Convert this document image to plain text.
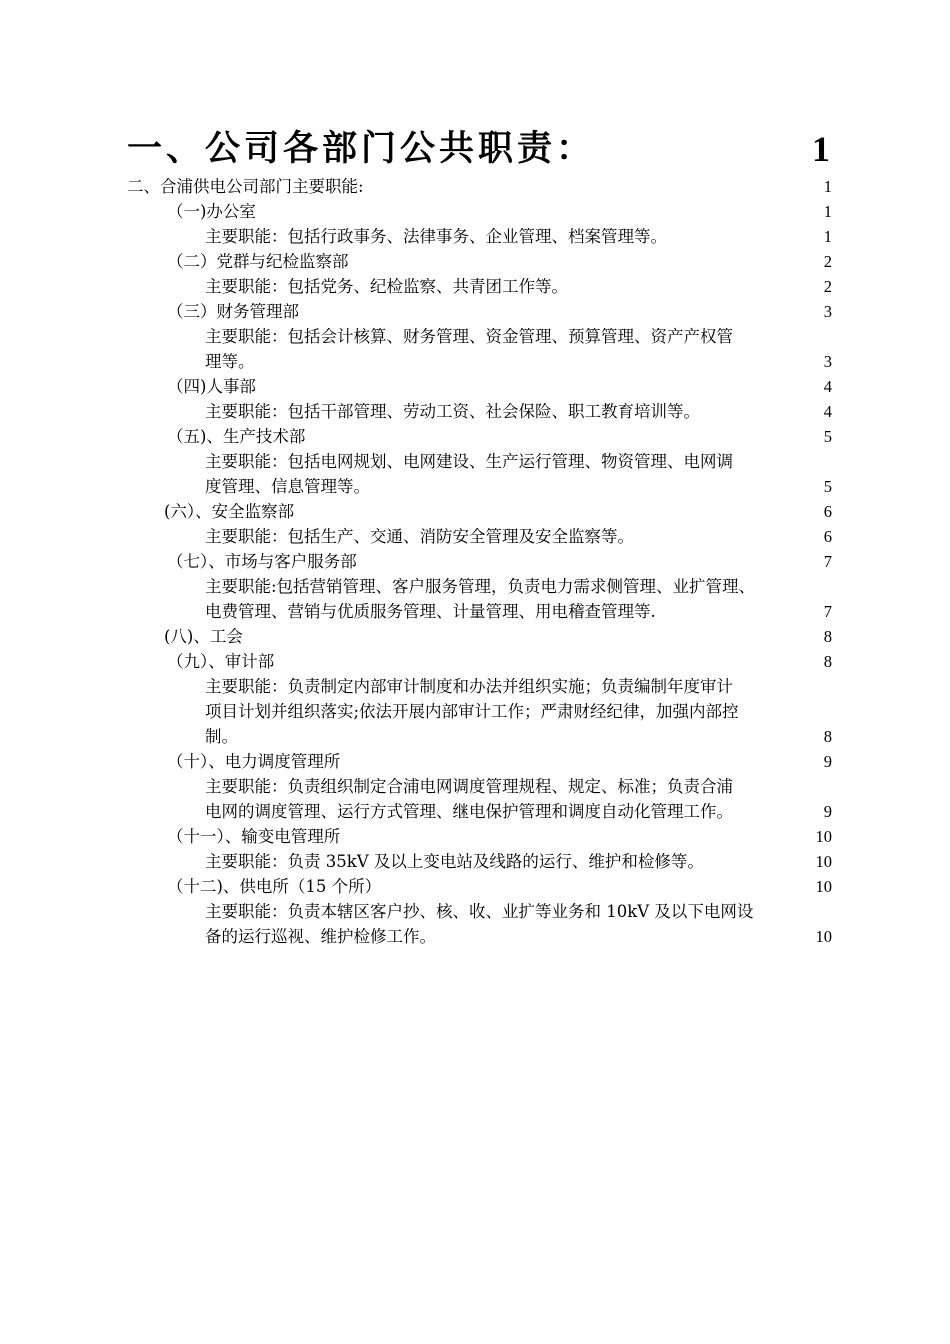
一、公司各部门公共职责：	1
二、合浦供电公司部门主要职能:	1
（一)办公室	1
主要职能：包括行政事务、法律事务、企业管理、档案管理等。	1
（二）党群与纪检监察部	2
主要职能：包括党务、纪检监察、共青团工作等。	2
（三）财务管理部	3
主要职能：包括会计核算、财务管理、资金管理、预算管理、资产产权管
理等。	3
（四)人事部	4
主要职能：包括干部管理、劳动工资、社会保险、职工教育培训等。	4
（五)、生产技术部	5
主要职能：包括电网规划、电网建设、生产运行管理、物资管理、电网调
度管理、信息管理等。	5
(六）、安全监察部	6
主要职能：包括生产、交通、消防安全管理及安全监察等。	6
（七）、市场与客户服务部	7
主要职能:包括营销管理、客户服务管理，负责电力需求侧管理、业扩管理、
电费管理、营销与优质服务管理、计量管理、用电稽查管理等.	7
(八)、工会	8
（九）、审计部	8
主要职能：负责制定内部审计制度和办法并组织实施；负责编制年度审计
项目计划并组织落实;依法开展内部审计工作；严肃财经纪律，加强内部控
制。	8
（十）、电力调度管理所	9
主要职能：负责组织制定合浦电网调度管理规程、规定、标准；负责合浦
电网的调度管理、运行方式管理、继电保护管理和调度自动化管理工作。	9
（十一）、输变电管理所	10
主要职能：负责 35kV 及以上变电站及线路的运行、维护和检修等。	10
（十二)、供电所（15 个所）	10
主要职能：负责本辖区客户抄、核、收、业扩等业务和 10kV 及以下电网设
备的运行巡视、维护检修工作。	10
